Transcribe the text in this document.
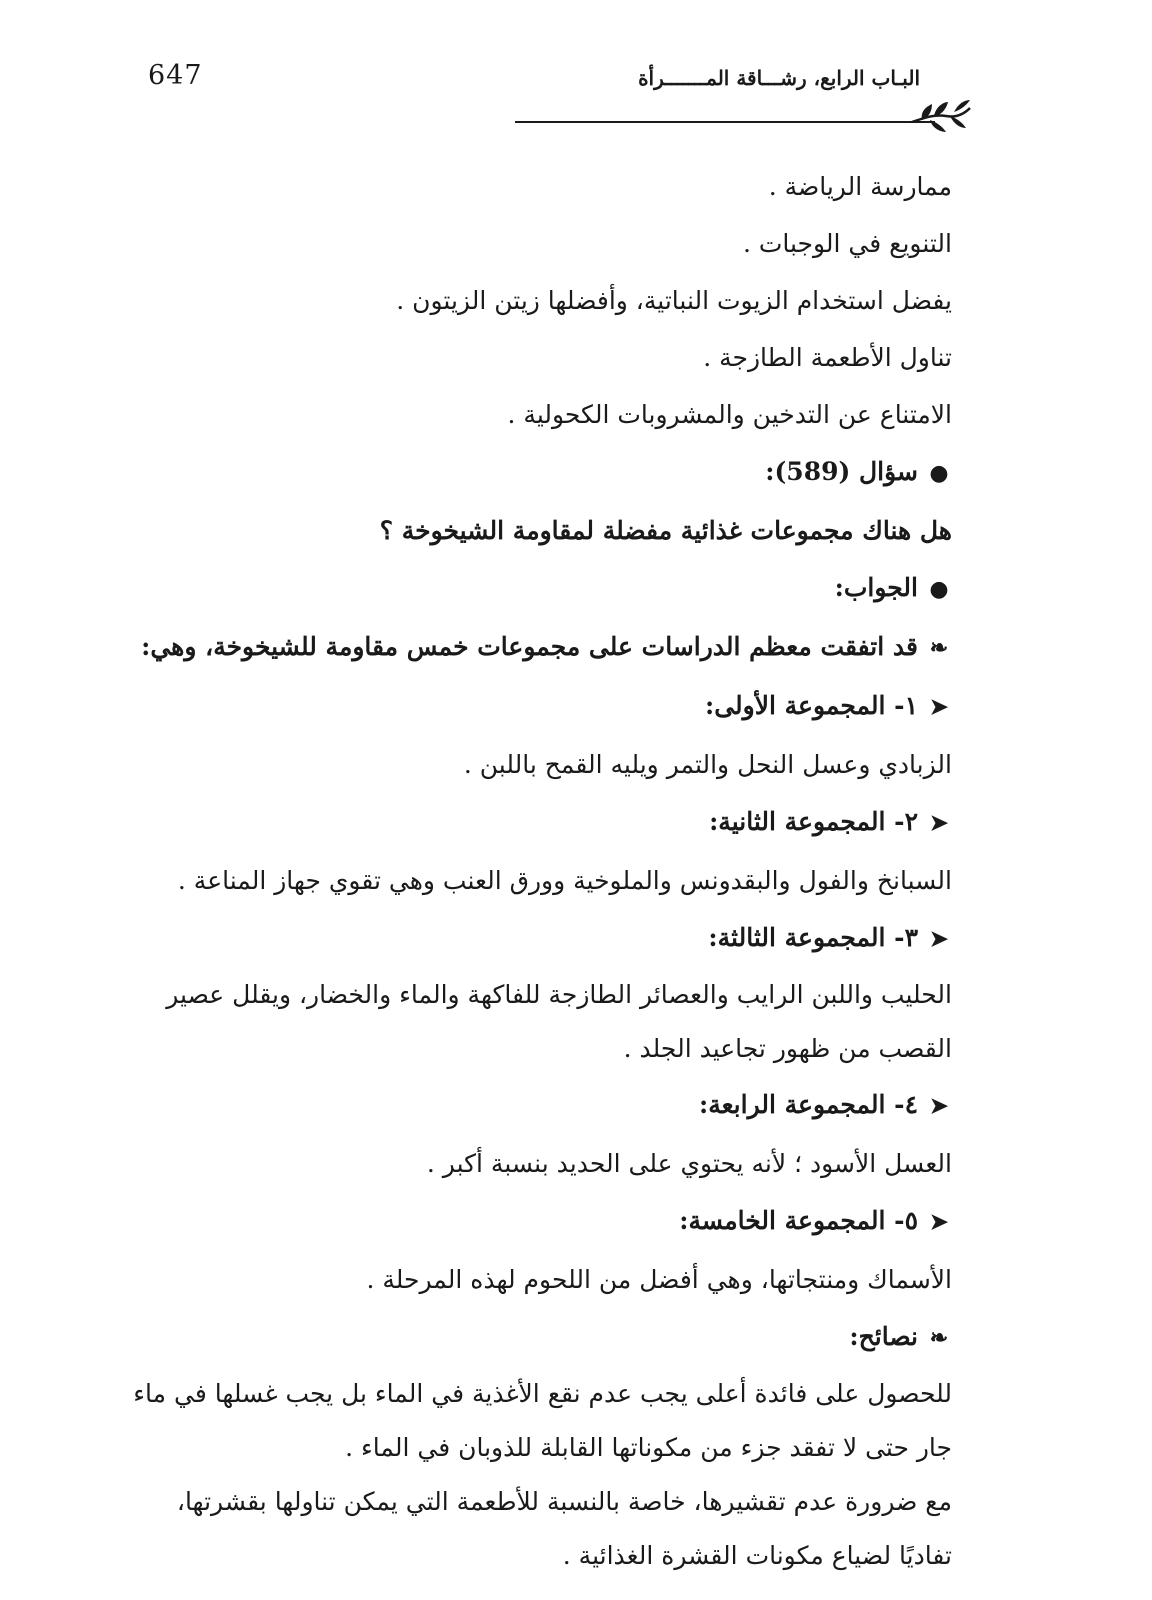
647	البـاب الرابع، رشـــاقة المـــــــرأة
ممارسة الرياضة .
التنويع في الوجبات .
يفضل استخدام الزيوت النباتية، وأفضلها زيتن الزيتون .
تناول الأطعمة الطازجة .
الامتناع عن التدخين والمشروبات الكحولية .
●سؤال (589):
هل هناك مجموعات غذائية مفضلة لمقاومة الشيخوخة ؟
●الجواب:
❧قد اتفقت معظم الدراسات على مجموعات خمس مقاومة للشيخوخة، وهي:
➤١- المجموعة الأولى:
الزبادي وعسل النحل والتمر ويليه القمح باللبن .
➤٢- المجموعة الثانية:
السبانخ والفول والبقدونس والملوخية وورق العنب وهي تقوي جهاز المناعة .
➤٣- المجموعة الثالثة:
الحليب واللبن الرايب والعصائر الطازجة للفاكهة والماء والخضار، ويقلل عصير القصب من ظهور تجاعيد الجلد .
➤٤- المجموعة الرابعة:
العسل الأسود ؛ لأنه يحتوي على الحديد بنسبة أكبر .
➤٥- المجموعة الخامسة:
الأسماك ومنتجاتها، وهي أفضل من اللحوم لهذه المرحلة .
❧نصائح:
للحصول على فائدة أعلى يجب عدم نقع الأغذية في الماء بل يجب غسلها في ماء جار حتى لا تفقد جزء من مكوناتها القابلة للذوبان في الماء .
مع ضرورة عدم تقشيرها، خاصة بالنسبة للأطعمة التي يمكن تناولها بقشرتها، تفاديًا لضياع مكونات القشرة الغذائية .
